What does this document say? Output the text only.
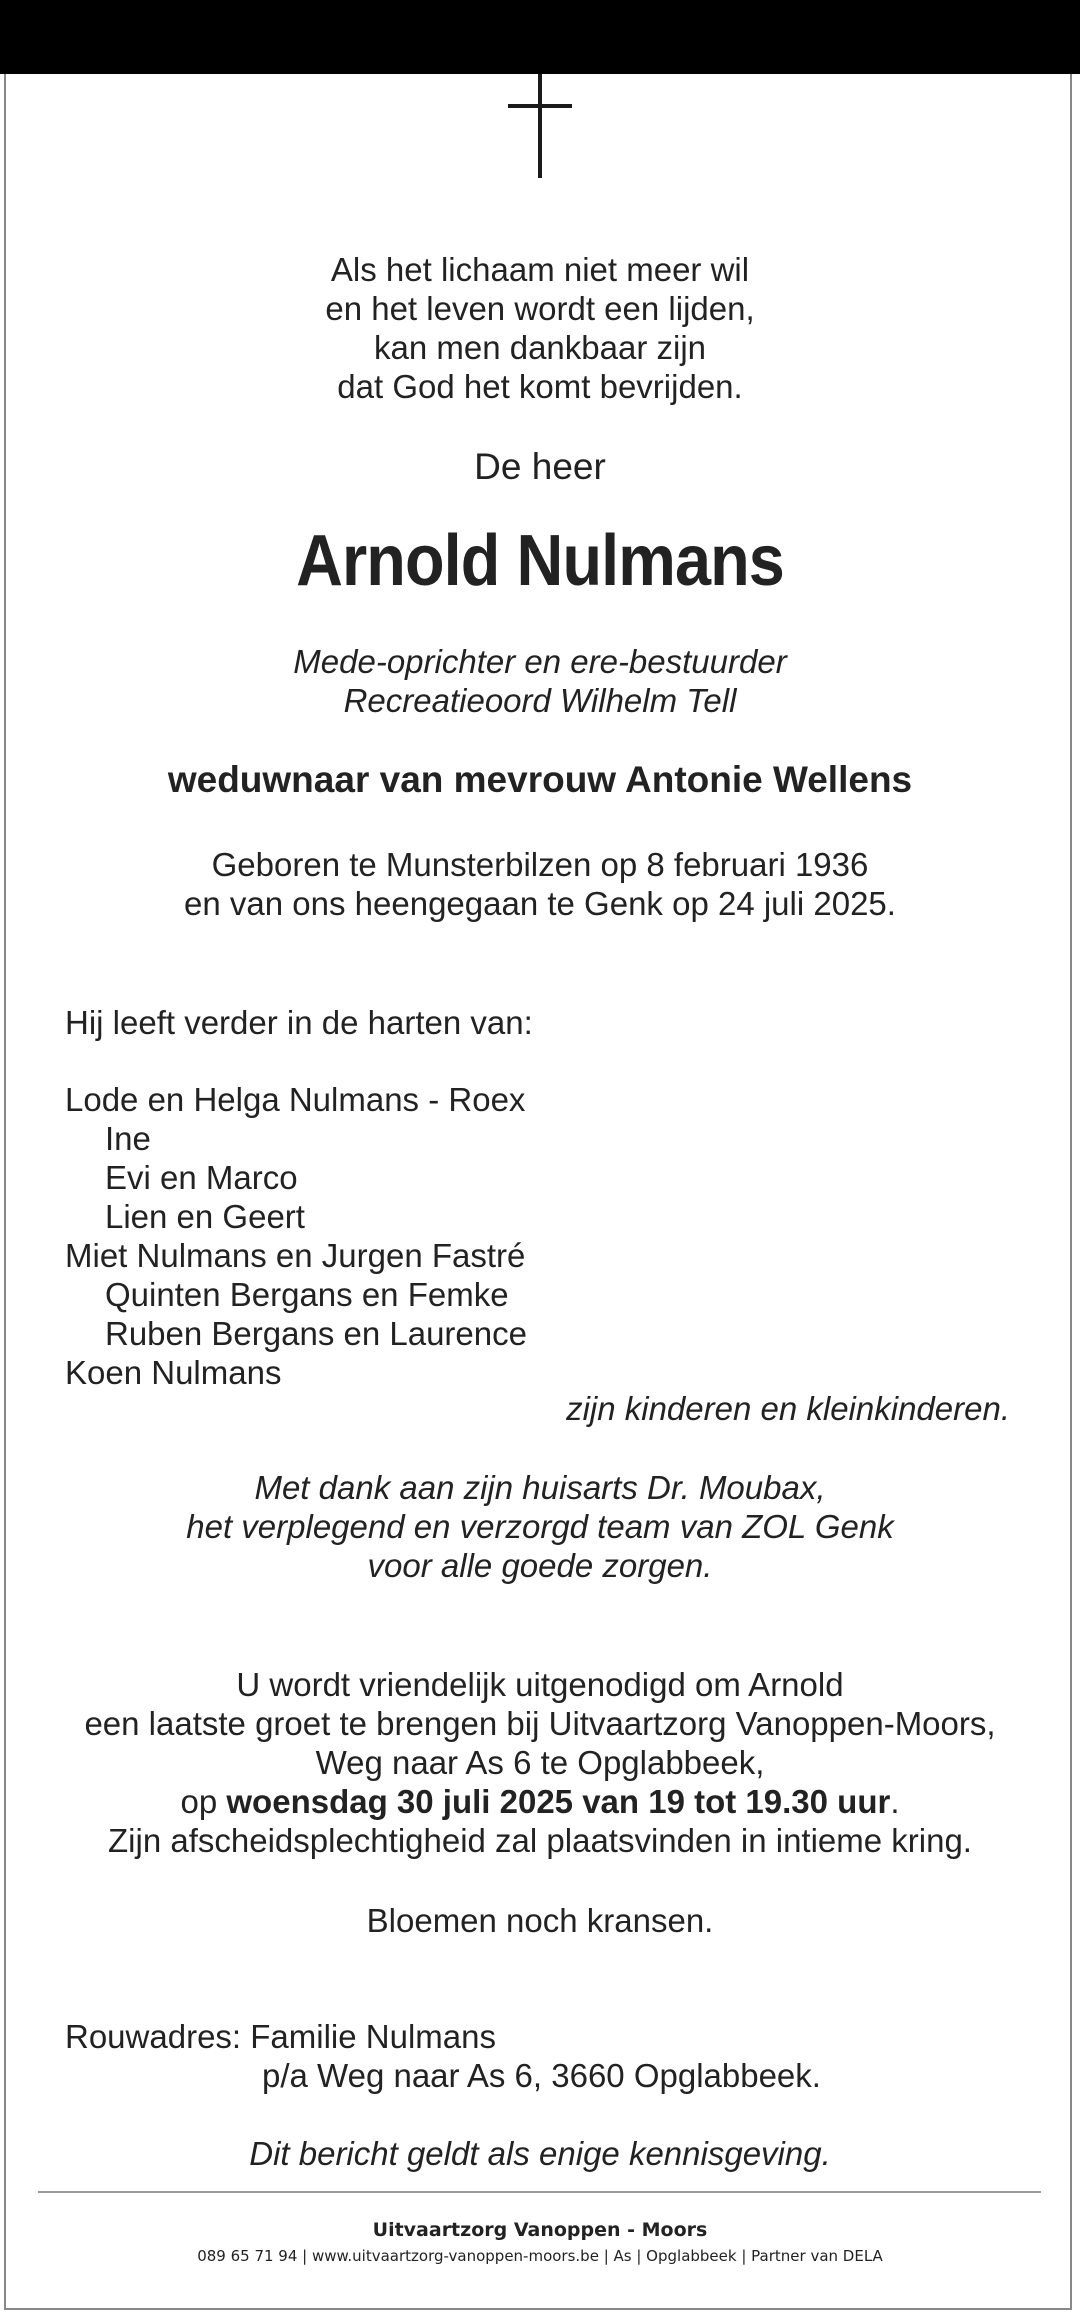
Als het lichaam niet meer wil
en het leven wordt een lijden,
kan men dankbaar zijn
dat God het komt bevrijden.
De heer
Arnold Nulmans
Mede-oprichter en ere-bestuurder
Recreatieoord Wilhelm Tell
weduwnaar van mevrouw Antonie Wellens
Geboren te Munsterbilzen op 8 februari 1936
en van ons heengegaan te Genk op 24 juli 2025.
Hij leeft verder in de harten van:
Lode en Helga Nulmans - Roex
Ine
Evi en Marco
Lien en Geert
Miet Nulmans en Jurgen Fastré
Quinten Bergans en Femke
Ruben Bergans en Laurence
Koen Nulmans
zijn kinderen en kleinkinderen.
Met dank aan zijn huisarts Dr. Moubax,
het verplegend en verzorgd team van ZOL Genk
voor alle goede zorgen.
U wordt vriendelijk uitgenodigd om Arnold
een laatste groet te brengen bij Uitvaartzorg Vanoppen-Moors,
Weg naar As 6 te Opglabbeek,
op woensdag 30 juli 2025 van 19 tot 19.30 uur.
Zijn afscheidsplechtigheid zal plaatsvinden in intieme kring.
Bloemen noch kransen.
Rouwadres: Familie Nulmans
p/a Weg naar As 6, 3660 Opglabbeek.
Dit bericht geldt als enige kennisgeving.
Uitvaartzorg Vanoppen - Moors
089 65 71 94 | www.uitvaartzorg-vanoppen-moors.be | As | Opglabbeek | Partner van DELA
